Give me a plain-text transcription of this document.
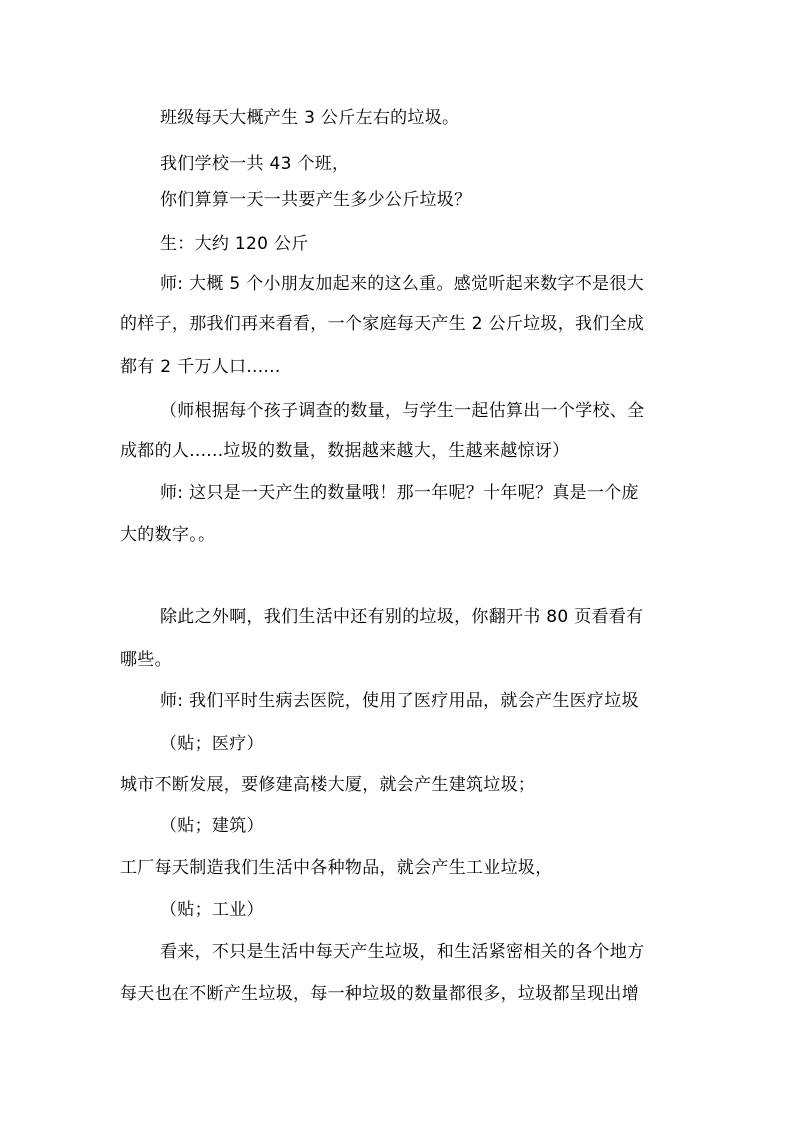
班级每天大概产生 3 公斤左右的垃圾。

我们学校一共 43 个班，

你们算算一天一共要产生多少公斤垃圾？

生：大约 120 公斤

师: 大概 5 个小朋友加起来的这么重。感觉听起来数字不是很大

的样子，那我们再来看看，一个家庭每天产生 2 公斤垃圾，我们全成

都有 2 千万人口......

（师根据每个孩子调查的数量，与学生一起估算出一个学校、全

成都的人......垃圾的数量，数据越来越大，生越来越惊讶）

师: 这只是一天产生的数量哦！那一年呢？十年呢？真是一个庞

大的数字。。

除此之外啊，我们生活中还有别的垃圾，你翻开书 80 页看看有

哪些。

师: 我们平时生病去医院，使用了医疗用品，就会产生医疗垃圾

（贴；医疗）

城市不断发展，要修建高楼大厦，就会产生建筑垃圾；

（贴；建筑）

工厂每天制造我们生活中各种物品，就会产生工业垃圾，

（贴；工业）

看来，不只是生活中每天产生垃圾，和生活紧密相关的各个地方

每天也在不断产生垃圾，每一种垃圾的数量都很多，垃圾都呈现出增
